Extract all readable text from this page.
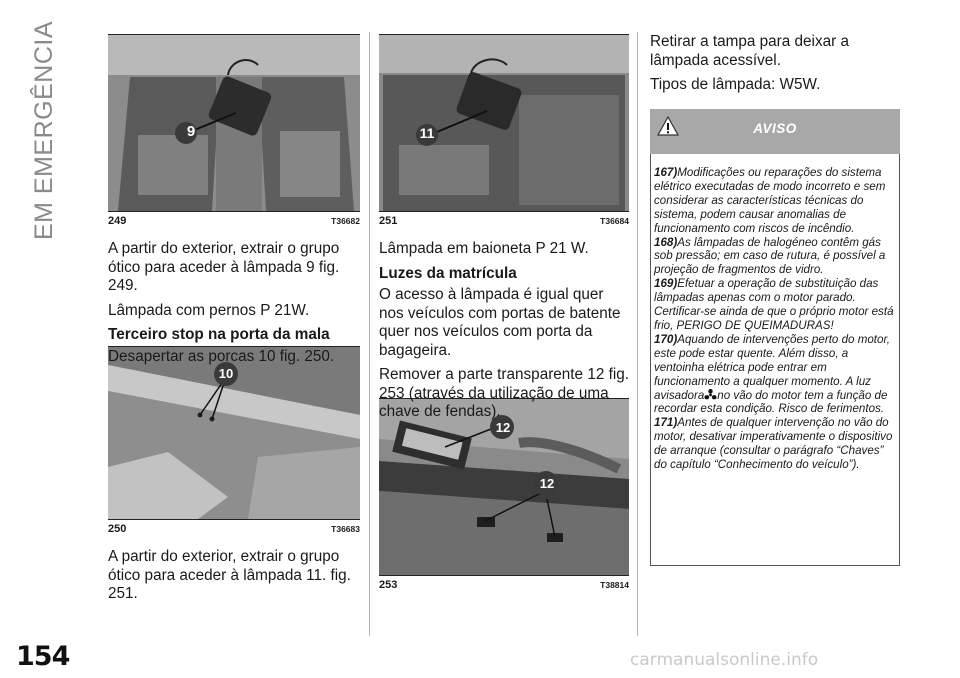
EM EMERGÊNCIA	249	T36682
9
250	T36683
10
251	T36684
11
253	T38814
12
12

A partir do exterior, extrair o grupo ótico para aceder à lâmpada 9 fig. 249.

Lâmpada com pernos P 21W.

Terceiro stop na porta da mala

Desapertar as porcas 10 fig. 250.

A partir do exterior, extrair o grupo ótico para aceder à lâmpada 11. fig. 251.

Lâmpada em baioneta P 21 W.

Luzes da matrícula

O acesso à lâmpada é igual quer nos veículos com portas de batente quer nos veículos com porta da bagageira.

Remover a parte transparente 12 fig. 253 (através da utilização de uma chave de fendas).

Retirar a tampa para deixar a lâmpada acessível.

Tipos de lâmpada: W5W.

AVISO

167)Modificações ou reparações do sistema elétrico executadas de modo incorreto e sem considerar as características técnicas do sistema, podem causar anomalias de funcionamento com riscos de incêndio.

168)As lâmpadas de halogéneo contêm gás sob pressão; em caso de rutura, é possível a projeção de fragmentos de vidro.

169)Efetuar a operação de substituição das lâmpadas apenas com o motor parado. Certificar-se ainda de que o próprio motor está frio, PERIGO DE QUEIMADURAS!

170)Aquando de intervenções perto do motor, este pode estar quente. Além disso, a ventoinha elétrica pode entrar em funcionamento a qualquer momento. A luz avisadora no vão do motor tem a função de recordar esta condição. Risco de ferimentos.

171)Antes de qualquer intervenção no vão do motor, desativar imperativamente o dispositivo de arranque (consultar o parágrafo “Chaves” do capítulo “Conhecimento do veículo”).

154	carmanualsonline.info
